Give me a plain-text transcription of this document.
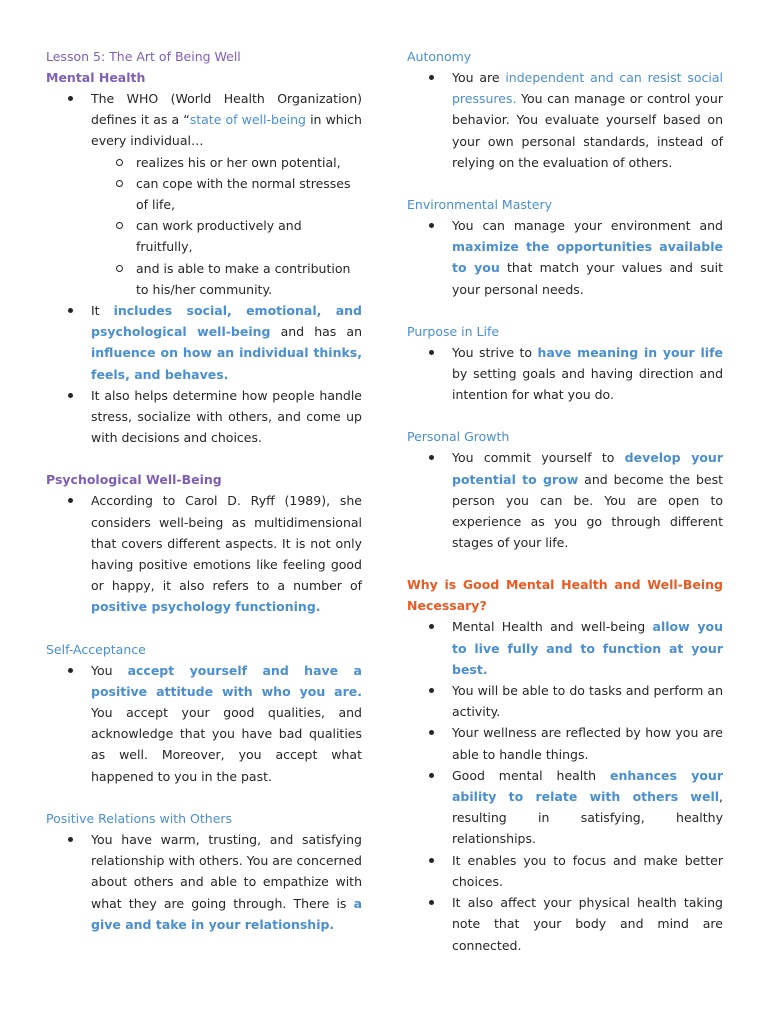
Lesson 5: The Art of Being Well
Mental Health
The WHO (World Health Organization) defines it as a “state of well-being in which every individual…
realizes his or her own potential,
can cope with the normal stresses of life,
can work productively and fruitfully,
and is able to make a contribution to his/her community.
It includes social, emotional, and psychological well-being and has an influence on how an individual thinks, feels, and behaves.
It also helps determine how people handle stress, socialize with others, and come up with decisions and choices.
Psychological Well-Being
According to Carol D. Ryff (1989), she considers well-being as multidimensional that covers different aspects. It is not only having positive emotions like feeling good or happy, it also refers to a number of positive psychology functioning.
Self-Acceptance
You accept yourself and have a positive attitude with who you are. You accept your good qualities, and acknowledge that you have bad qualities as well. Moreover, you accept what happened to you in the past.
Positive Relations with Others
You have warm, trusting, and satisfying relationship with others. You are concerned about others and able to empathize with what they are going through. There is a give and take in your relationship.
Autonomy
You are independent and can resist social pressures. You can manage or control your behavior. You evaluate yourself based on your own personal standards, instead of relying on the evaluation of others.
Environmental Mastery
You can manage your environment and maximize the opportunities available to you that match your values and suit your personal needs.
Purpose in Life
You strive to have meaning in your life by setting goals and having direction and intention for what you do.
Personal Growth
You commit yourself to develop your potential to grow and become the best person you can be. You are open to experience as you go through different stages of your life.
Why is Good Mental Health and Well-Being Necessary?
Mental Health and well-being allow you to live fully and to function at your best.
You will be able to do tasks and perform an activity.
Your wellness are reflected by how you are able to handle things.
Good mental health enhances your ability to relate with others well, resulting in satisfying, healthy relationships.
It enables you to focus and make better choices.
It also affect your physical health taking note that your body and mind are connected.
